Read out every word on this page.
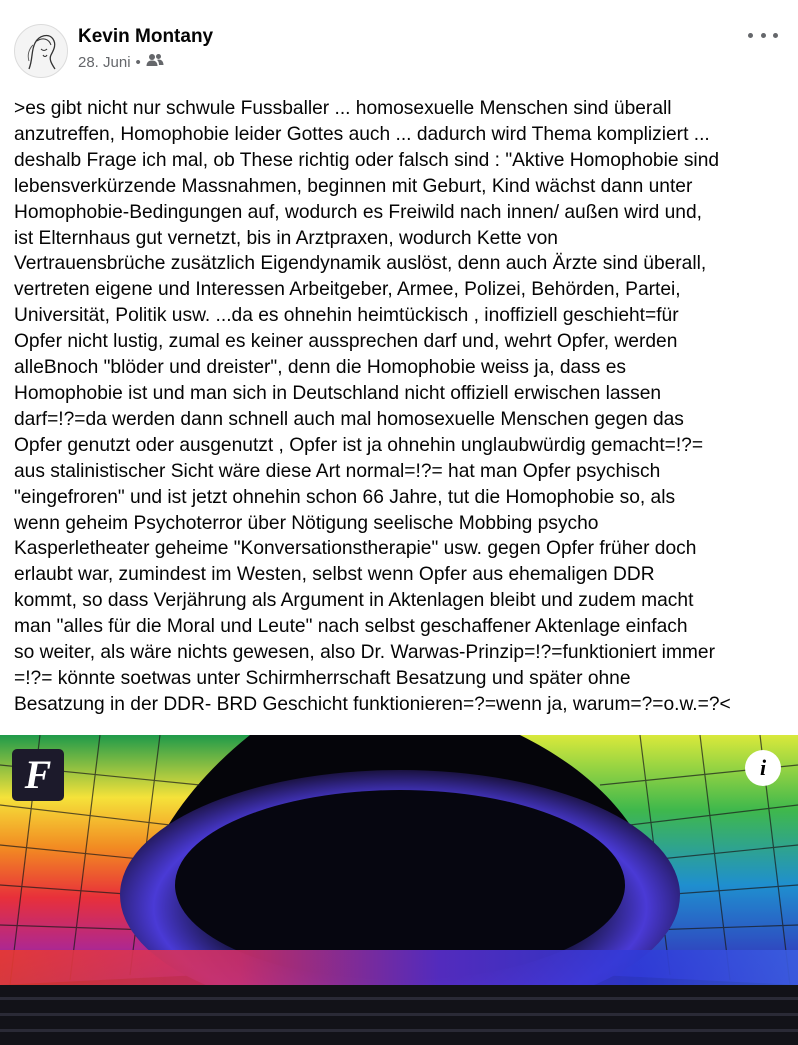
Kevin Montany
28. Juni •
>es gibt nicht nur schwule Fussballer ... homosexuelle Menschen sind überall
anzutreffen, Homophobie leider Gottes auch ... dadurch wird Thema kompliziert ...
deshalb Frage ich mal, ob These richtig oder falsch sind : "Aktive Homophobie sind
lebensverkürzende Massnahmen, beginnen mit Geburt, Kind wächst dann unter
Homophobie-Bedingungen auf, wodurch es Freiwild nach innen/ außen wird und,
ist Elternhaus gut vernetzt, bis in Arztpraxen, wodurch Kette von
Vertrauensbrüche zusätzlich Eigendynamik auslöst, denn auch Ärzte sind überall,
vertreten eigene und Interessen Arbeitgeber, Armee, Polizei, Behörden, Partei,
Universität, Politik usw. ...da es ohnehin heimtückisch , inoffiziell geschieht=für
Opfer nicht lustig, zumal es keiner aussprechen darf und, wehrt Opfer, werden
alleBnoch "blöder und dreister", denn die Homophobie weiss ja, dass es
Homophobie ist und man sich in Deutschland nicht offiziell erwischen lassen
darf=!?=da werden dann schnell auch mal homosexuelle Menschen gegen das
Opfer genutzt oder ausgenutzt , Opfer ist ja ohnehin unglaubwürdig gemacht=!?=
aus stalinistischer Sicht wäre diese Art normal=!?= hat man Opfer psychisch
"eingefroren" und ist jetzt ohnehin schon 66 Jahre, tut die Homophobie so, als
wenn geheim Psychoterror über Nötigung seelische Mobbing psycho
Kasperletheater geheime "Konversationstherapie" usw. gegen Opfer früher doch
erlaubt war, zumindest im Westen, selbst wenn Opfer aus ehemaligen DDR
kommt, so dass Verjährung als Argument in Aktenlagen bleibt und zudem macht
man "alles für die Moral und Leute" nach selbst geschaffener Aktenlage einfach
so weiter, als wäre nichts gewesen, also Dr. Warwas-Prinzip=!?=funktioniert immer
=!?= könnte soetwas unter Schirmherrschaft Besatzung und später ohne
Besatzung in der DDR- BRD Geschicht funktionieren=?=wenn ja, warum=?=o.w.=?<
F	i
